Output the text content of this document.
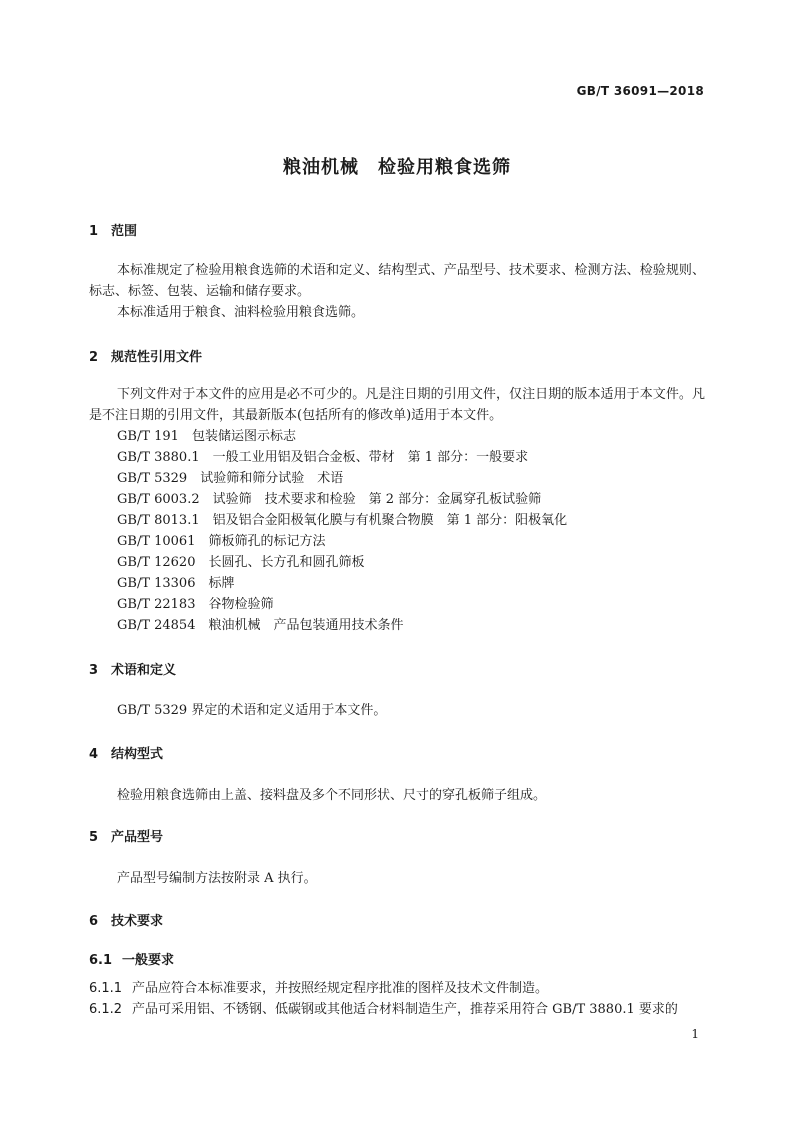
GB/T 36091—2018
粮油机械　检验用粮食选筛
1 范围
本标准规定了检验用粮食选筛的术语和定义、结构型式、产品型号、技术要求、检测方法、检验规则、标志、标签、包装、运输和储存要求。
本标准适用于粮食、油料检验用粮食选筛。
2 规范性引用文件
下列文件对于本文件的应用是必不可少的。凡是注日期的引用文件，仅注日期的版本适用于本文件。凡是不注日期的引用文件，其最新版本(包括所有的修改单)适用于本文件。
GB/T 191　 包装储运图示标志
GB/T 3880.1　 一般工业用铝及铝合金板、带材　第 1 部分：一般要求
GB/T 5329　 试验筛和筛分试验　术语
GB/T 6003.2　 试验筛　技术要求和检验　第 2 部分：金属穿孔板试验筛
GB/T 8013.1　 铝及铝合金阳极氧化膜与有机聚合物膜　第 1 部分：阳极氧化
GB/T 10061　 筛板筛孔的标记方法
GB/T 12620　 长圆孔、长方孔和圆孔筛板
GB/T 13306　 标牌
GB/T 22183　 谷物检验筛
GB/T 24854　 粮油机械　产品包装通用技术条件
3 术语和定义
GB/T 5329 界定的术语和定义适用于本文件。
4 结构型式
检验用粮食选筛由上盖、接料盘及多个不同形状、尺寸的穿孔板筛子组成。
5 产品型号
产品型号编制方法按附录 A 执行。
6 技术要求
6.1 一般要求
6.1.1 产品应符合本标准要求，并按照经规定程序批准的图样及技术文件制造。
6.1.2 产品可采用铝、不锈钢、低碳钢或其他适合材料制造生产，推荐采用符合 GB/T 3880.1 要求的
1
